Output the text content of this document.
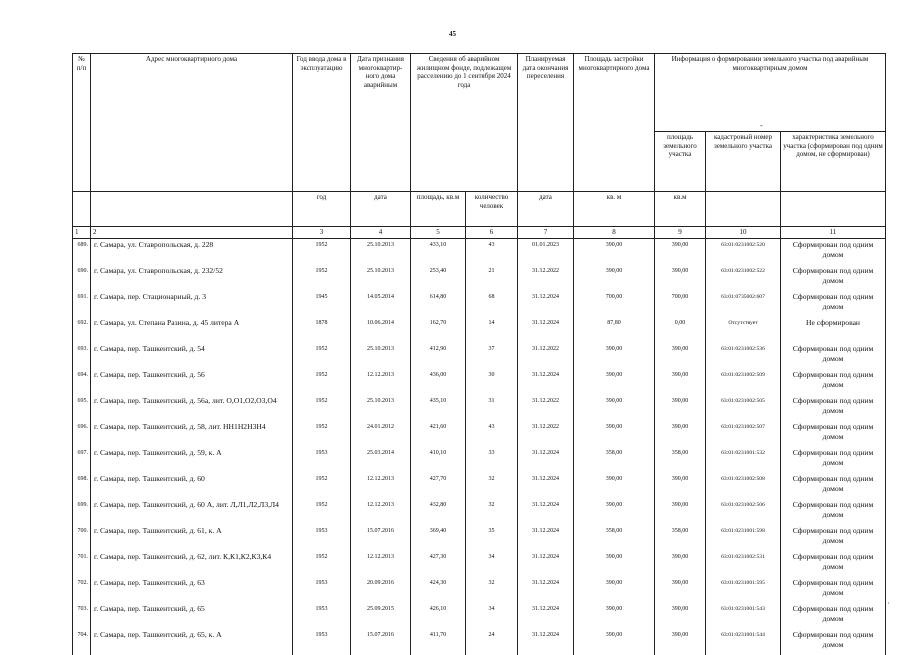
45
№ п/п	Адрес многоквартирного дома	Год ввода дома в эксплуатацию	Дата признания многоквартир-ного дома аварийным	Сведения об аварийном жилищном фонде, подлежащем расселению до 1 сентября 2024 года		Планируемая дата окончания переселения	Площадь застройки многоквартирного дома	Информация о формировании земельного участка под аварийным многоквартирным домом		
								площадь земельного участка	кадастровый номер земельного участка	характеристика земельного участка (сформирован под одним домом, не сформирован)
		год	дата	площадь, кв.м	количество человек	дата	кв. м	кв.м		
1	2	3	4	5	6	7	8	9	10	11
689.	г. Самара, ул. Ставропольская, д. 228	1952	25.10.2013	433,10	43	01.01.2023	390,00	390,00	63:01:0231002:520	Сформирован под одним домом
690.	г. Самара, ул. Ставропольская, д. 232/52	1952	25.10.2013	253,40	21	31.12.2022	390,00	390,00	63:01:0231002:522	Сформирован под одним домом
691.	г. Самара, пер. Стационарный, д. 3	1945	14.05.2014	614,80	68	31.12.2024	700,00	700,00	63:01:0735002:607	Сформирован под одним домом
692.	г. Самара, ул. Степана Разина, д. 45 литера А	1878	10.06.2014	162,70	14	31.12.2024	87,80	0,00	Отсутствует	Не сформирован
693.	г. Самара, пер. Ташкентский, д. 54	1952	25.10.2013	412,90	37	31.12.2022	390,00	390,00	63:01:0231002:536	Сформирован под одним домом
694.	г. Самара, пер. Ташкентский, д. 56	1952	12.12.2013	436,00	30	31.12.2024	390,00	390,00	63:01:0231002:509	Сформирован под одним домом
695.	г. Самара, пер. Ташкентский, д. 56а, лит. О,О1,О2,О3,О4	1952	25.10.2013	435,10	31	31.12.2022	390,00	390,00	63:01:0231002:505	Сформирован под одним домом
696.	г. Самара, пер. Ташкентский, д. 58, лит. НН1Н2Н3Н4	1952	24.01.2012	421,60	43	31.12.2022	390,00	390,00	63:01:0231002:507	Сформирован под одним домом
697.	г. Самара, пер. Ташкентский, д. 59, к. А	1953	25.03.2014	410,10	33	31.12.2024	358,00	358,00	63:01:0231001:532	Сформирован под одним домом
698.	г. Самара, пер. Ташкентский, д. 60	1952	12.12.2013	427,70	32	31.12.2024	390,00	390,00	63:01:0231002:508	Сформирован под одним домом
699.	г. Самара, пер. Ташкентский, д. 60 А, лит. Л,Л1,Л2,Л3,Л4	1952	12.12.2013	432,80	32	31.12.2024	390,00	390,00	63:01:0231002:506	Сформирован под одним домом
700.	г. Самара, пер. Ташкентский, д. 61, к. А	1953	15.07.2016	369,40	35	31.12.2024	358,00	358,00	63:01:0231001:598	Сформирован под одним домом
701.	г. Самара, пер. Ташкентский, д. 62, лит. К,К1,К2,К3,К4	1952	12.12.2013	427,30	34	31.12.2024	390,00	390,00	63:01:0231002:531	Сформирован под одним домом
702.	г. Самара, пер. Ташкентский, д. 63	1953	20.09.2016	424,30	32	31.12.2024	390,00	390,00	63:01:0231001:595	Сформирован под одним домом
703.	г. Самара, пер. Ташкентский, д. 65	1953	25.09.2015	426,10	34	31.12.2024	390,00	390,00	63:01:0231001:543	Сформирован под одним домом
704.	г. Самара, пер. Ташкентский, д. 65, к. А	1953	15.07.2016	411,70	24	31.12.2024	390,00	390,00	63:01:0231001:544	Сформирован под одним домом
-
·
